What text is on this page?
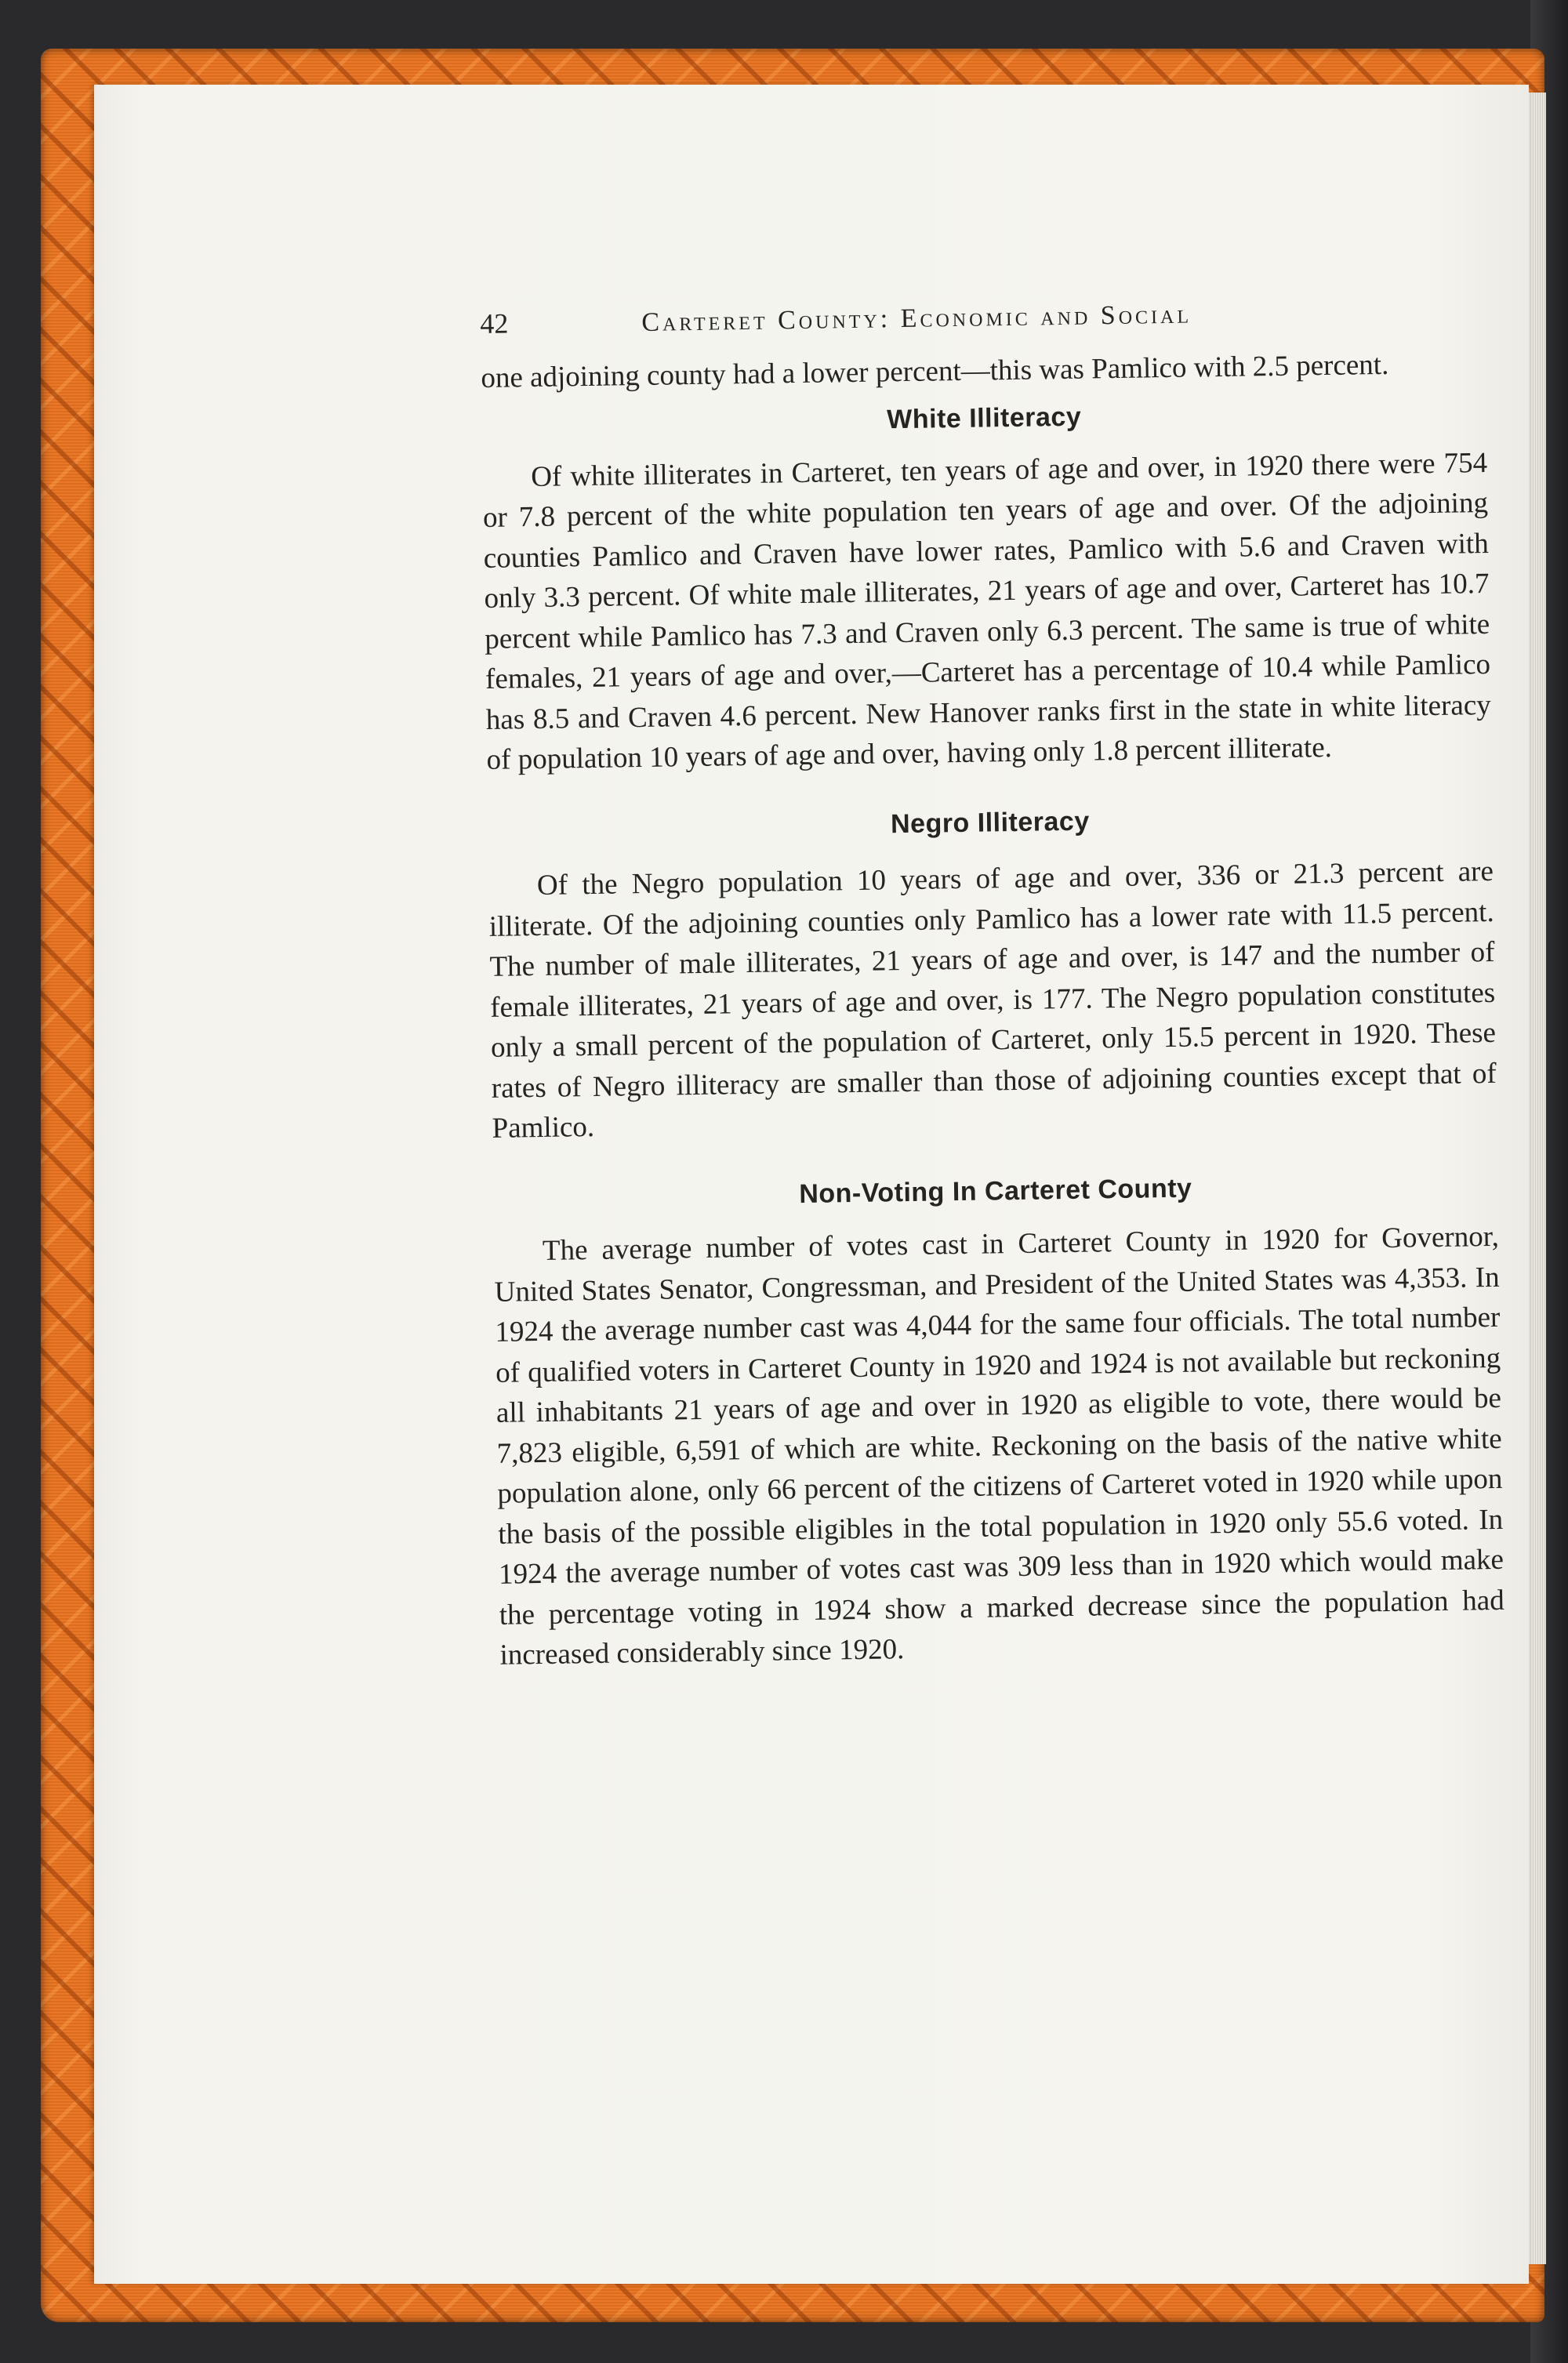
42	Carteret County: Economic and Social

one adjoining county had a lower percent—this was Pamlico with 2.5 percent.

White Illiteracy

Of white illiterates in Carteret, ten years of age and over, in 1920 there were 754 or 7.8 percent of the white population ten years of age and over. Of the adjoining counties Pamlico and Craven have lower rates, Pamlico with 5.6 and Craven with only 3.3 percent. Of white male illiterates, 21 years of age and over, Carteret has 10.7 percent while Pamlico has 7.3 and Craven only 6.3 percent. The same is true of white females, 21 years of age and over,—Carteret has a percentage of 10.4 while Pamlico has 8.5 and Craven 4.6 percent. New Hanover ranks first in the state in white literacy of population 10 years of age and over, having only 1.8 percent illiterate.

Negro Illiteracy

Of the Negro population 10 years of age and over, 336 or 21.3 percent are illiterate. Of the adjoining counties only Pamlico has a lower rate with 11.5 percent. The number of male illiterates, 21 years of age and over, is 147 and the number of female illiterates, 21 years of age and over, is 177. The Negro population constitutes only a small percent of the population of Carteret, only 15.5 percent in 1920. These rates of Negro illiteracy are smaller than those of adjoining counties except that of Pamlico.

Non-Voting In Carteret County

The average number of votes cast in Carteret County in 1920 for Governor, United States Senator, Congressman, and President of the United States was 4,353. In 1924 the average number cast was 4,044 for the same four officials. The total number of qualified voters in Carteret County in 1920 and 1924 is not available but reckoning all inhabitants 21 years of age and over in 1920 as eligible to vote, there would be 7,823 eligible, 6,591 of which are white. Reckoning on the basis of the native white population alone, only 66 percent of the citizens of Carteret voted in 1920 while upon the basis of the possible eligibles in the total population in 1920 only 55.6 voted. In 1924 the average number of votes cast was 309 less than in 1920 which would make the percentage voting in 1924 show a marked decrease since the population had increased considerably since 1920.
